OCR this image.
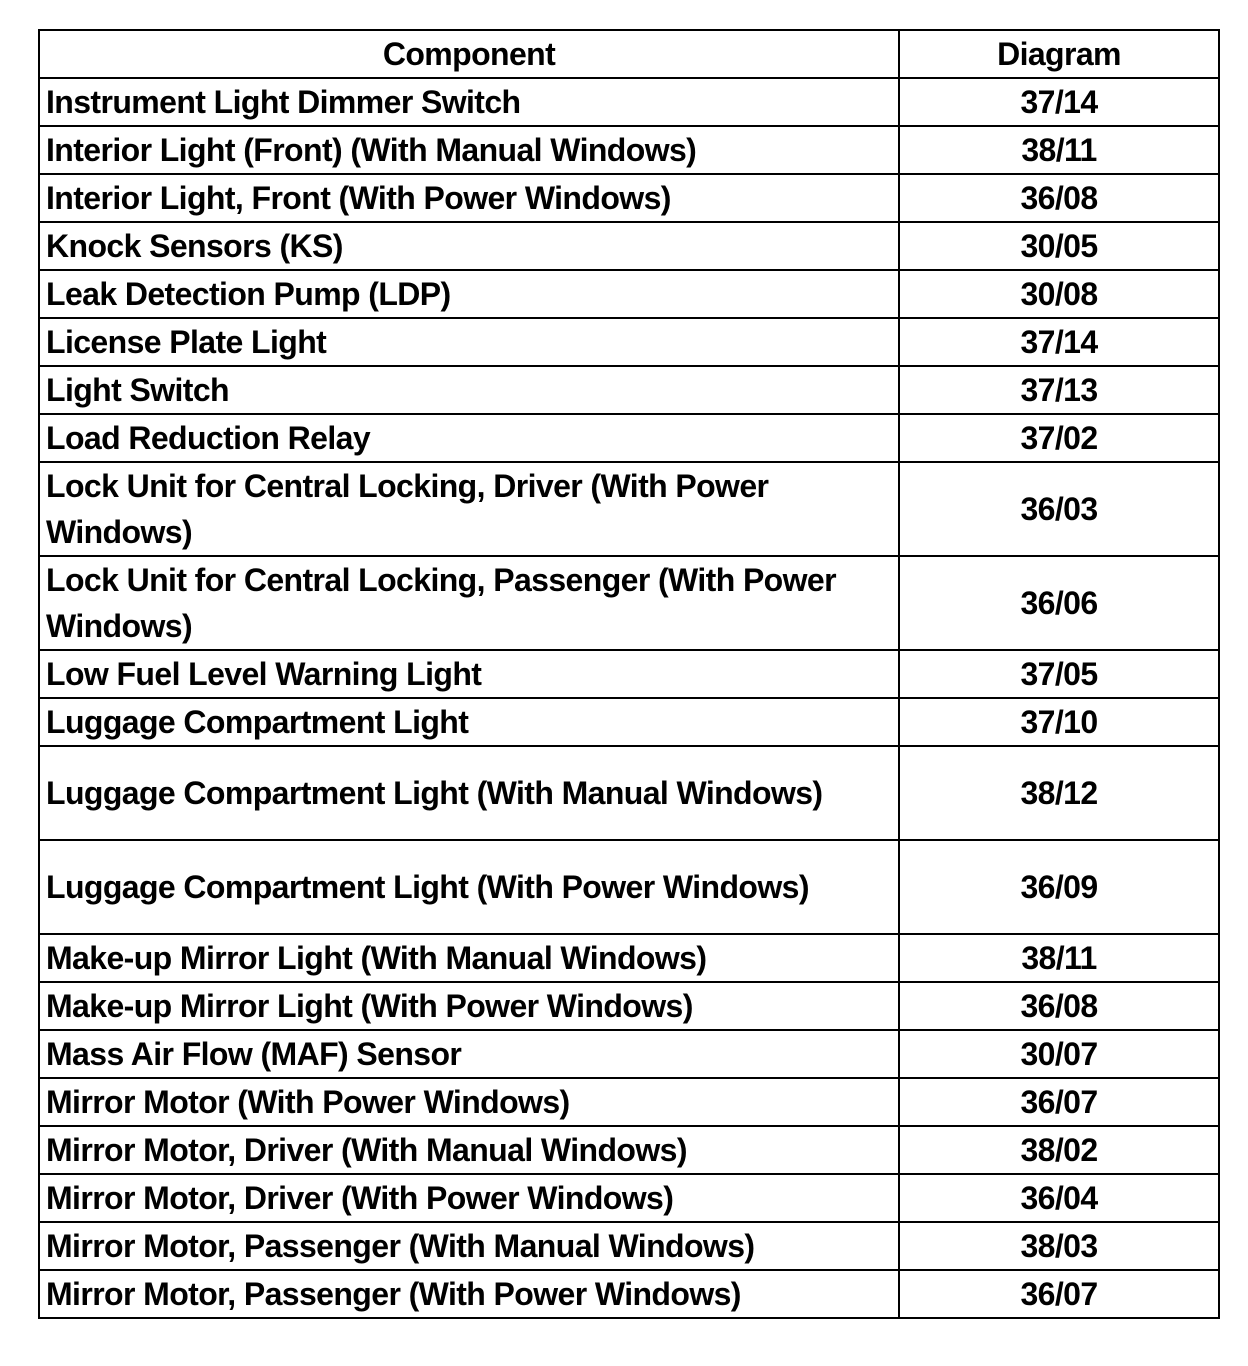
Component	Diagram
Instrument Light Dimmer Switch	37/14
Interior Light (Front) (With Manual Windows)	38/11
Interior Light, Front (With Power Windows)	36/08
Knock Sensors (KS)	30/05
Leak Detection Pump (LDP)	30/08
License Plate Light	37/14
Light Switch	37/13
Load Reduction Relay	37/02
Lock Unit for Central Locking, Driver (With Power Windows)	36/03
Lock Unit for Central Locking, Passenger (With Power Windows)	36/06
Low Fuel Level Warning Light	37/05
Luggage Compartment Light	37/10
Luggage Compartment Light (With Manual Windows)	38/12
Luggage Compartment Light (With Power Windows)	36/09
Make-up Mirror Light (With Manual Windows)	38/11
Make-up Mirror Light (With Power Windows)	36/08
Mass Air Flow (MAF) Sensor	30/07
Mirror Motor (With Power Windows)	36/07
Mirror Motor, Driver (With Manual Windows)	38/02
Mirror Motor, Driver (With Power Windows)	36/04
Mirror Motor, Passenger (With Manual Windows)	38/03
Mirror Motor, Passenger (With Power Windows)	36/07
